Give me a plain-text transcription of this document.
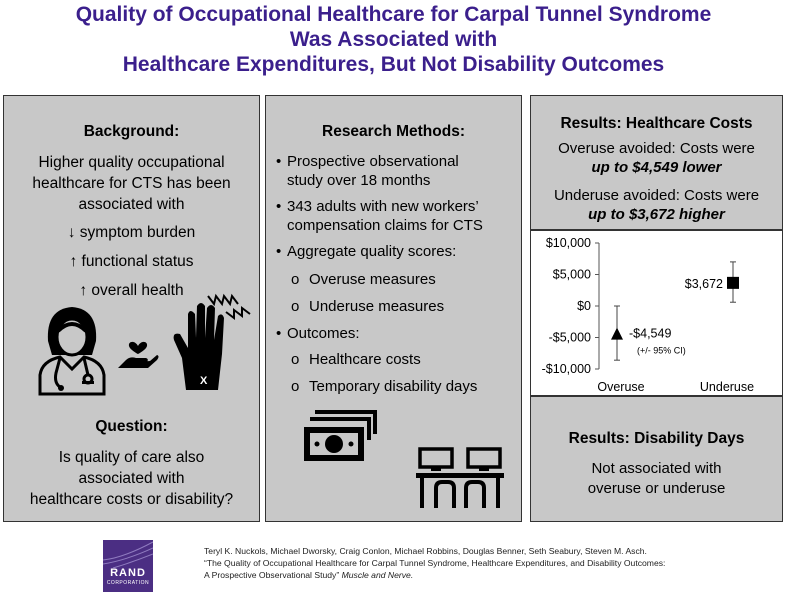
Quality of Occupational Healthcare for Carpal Tunnel Syndrome
Was Associated with
Healthcare Expenditures, But Not Disability Outcomes
Background:
Higher quality occupational
healthcare for CTS has been
associated with
↓ symptom burden
↑ functional status
↑ overall health
X
Question:
Is quality of care also
associated with
healthcare costs or disability?
Research Methods:
• Prospective observational
study over 18 months
• 343 adults with new workers’
compensation claims for CTS
• Aggregate quality scores:
o Overuse measures
o Underuse measures
• Outcomes:
o Healthcare costs
o Temporary disability days
Results: Healthcare Costs
Overuse avoided: Costs were
up to $4,549 lower
Underuse avoided: Costs were
up to $3,672 higher
$10,000
$5,000
$0
-$5,000
-$10,000
Overuse	Underuse
-$4,549
(+/- 95% CI)
$3,672
Results: Disability Days
Not associated with
overuse or underuse
RAND
CORPORATION
Teryl K. Nuckols, Michael Dworsky, Craig Conlon, Michael Robbins, Douglas Benner, Seth Seabury, Steven M. Asch.
“The Quality of Occupational Healthcare for Carpal Tunnel Syndrome, Healthcare Expenditures, and Disability Outcomes:
A Prospective Observational Study” Muscle and Nerve.
